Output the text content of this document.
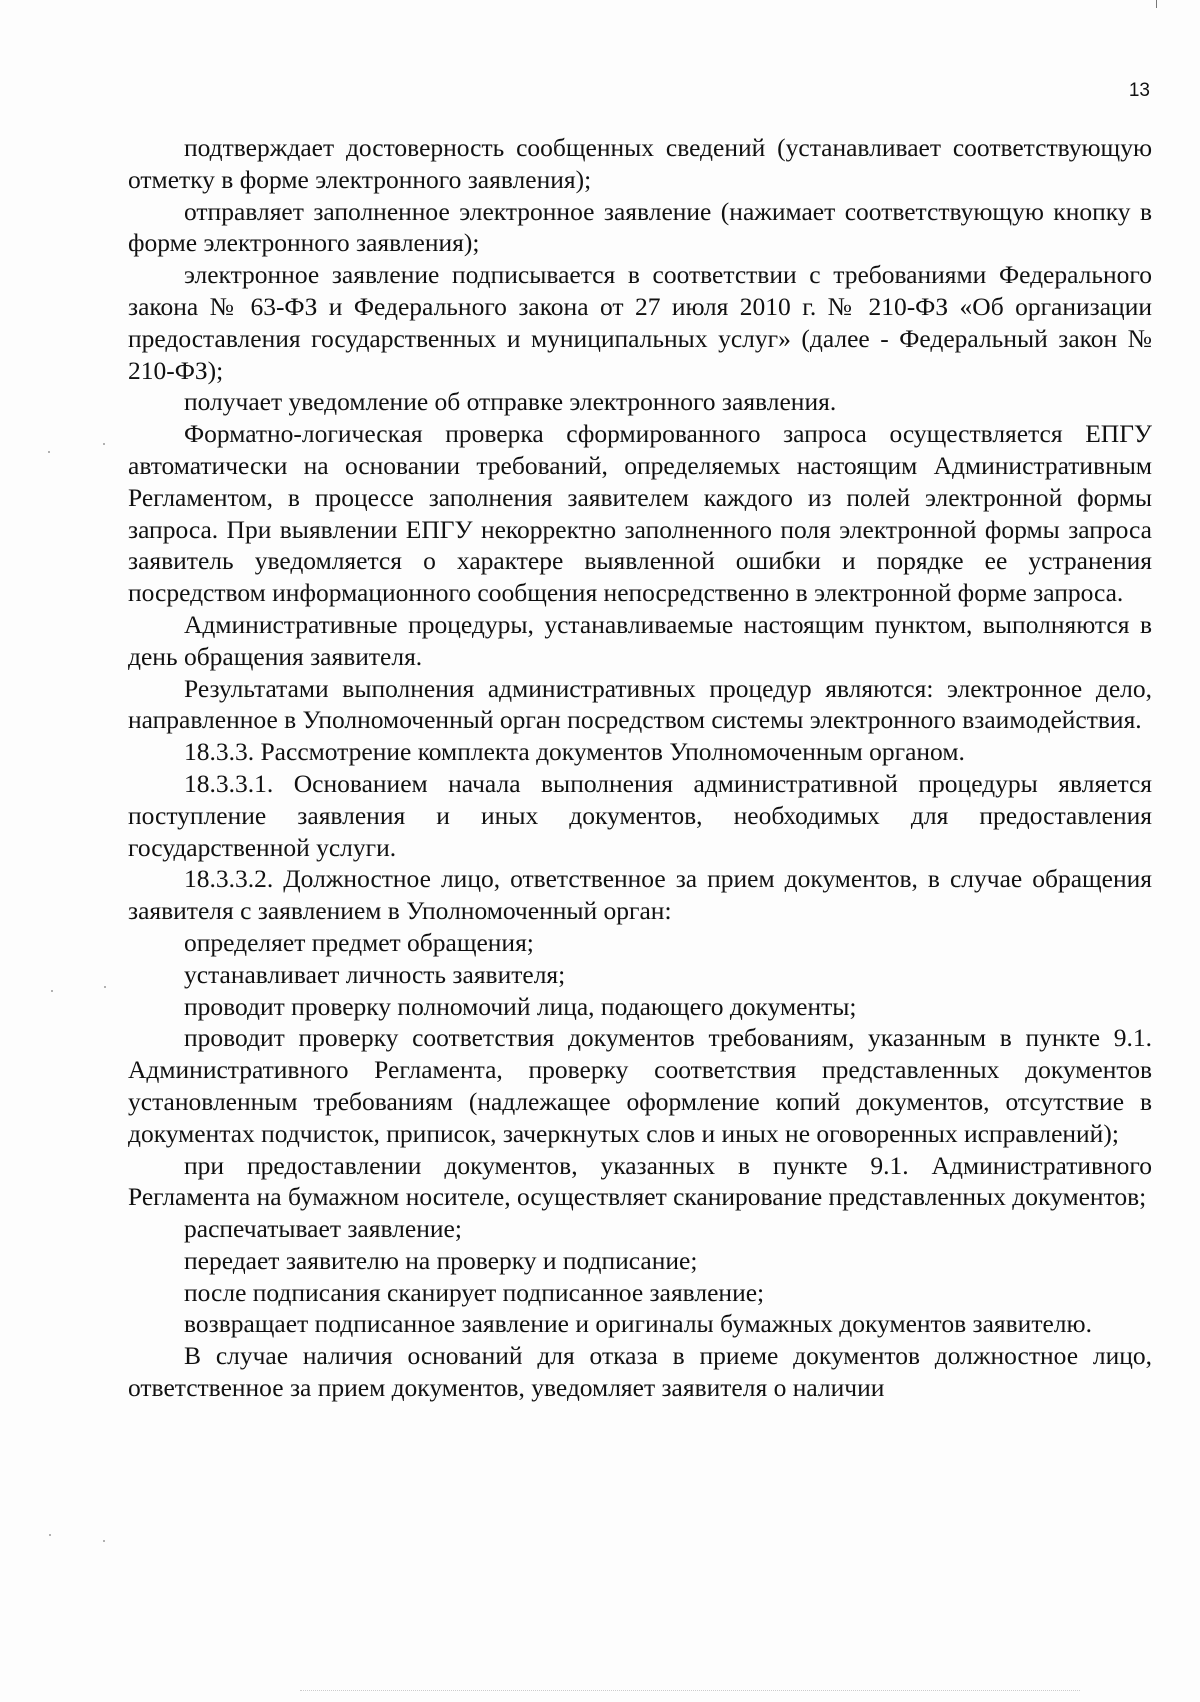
13

подтверждает достоверность сообщенных сведений (устанавливает соответствующую отметку в форме электронного заявления);

отправляет заполненное электронное заявление (нажимает соответствующую кнопку в форме электронного заявления);

электронное заявление подписывается в соответствии с требованиями Федерального закона № 63-ФЗ и Федерального закона от 27 июля 2010 г. № 210-ФЗ «Об организации предоставления государственных и муниципальных услуг» (далее - Федеральный закон № 210-ФЗ);

получает уведомление об отправке электронного заявления.

Форматно-логическая проверка сформированного запроса осуществляется ЕПГУ автоматически на основании требований, определяемых настоящим Административным Регламентом, в процессе заполнения заявителем каждого из полей электронной формы запроса. При выявлении ЕПГУ некорректно заполненного поля электронной формы запроса заявитель уведомляется о характере выявленной ошибки и порядке ее устранения посредством информационного сообщения непосредственно в электронной форме запроса.

Административные процедуры, устанавливаемые настоящим пунктом, выполняются в день обращения заявителя.

Результатами выполнения административных процедур являются: электронное дело, направленное в Уполномоченный орган посредством системы электронного взаимодействия.

18.3.3. Рассмотрение комплекта документов Уполномоченным органом.

18.3.3.1. Основанием начала выполнения административной процедуры является поступление заявления и иных документов, необходимых для предоставления государственной услуги.

18.3.3.2. Должностное лицо, ответственное за прием документов, в случае обращения заявителя с заявлением в Уполномоченный орган:

определяет предмет обращения;

устанавливает личность заявителя;

проводит проверку полномочий лица, подающего документы;

проводит проверку соответствия документов требованиям, указанным в пункте 9.1. Административного Регламента, проверку соответствия представленных документов установленным требованиям (надлежащее оформление копий документов, отсутствие в документах подчисток, приписок, зачеркнутых слов и иных не оговоренных исправлений);

при предоставлении документов, указанных в пункте 9.1. Административного Регламента на бумажном носителе, осуществляет сканирование представленных документов;

распечатывает заявление;

передает заявителю на проверку и подписание;

после подписания сканирует подписанное заявление;

возвращает подписанное заявление и оригиналы бумажных документов заявителю.

В случае наличия оснований для отказа в приеме документов должностное лицо, ответственное за прием документов, уведомляет заявителя о наличии
